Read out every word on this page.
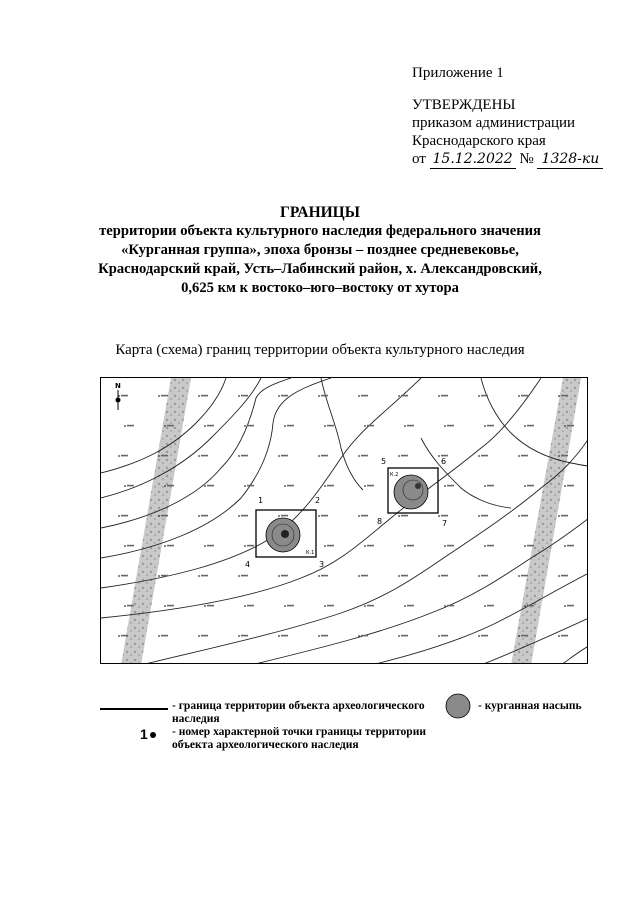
Приложение 1
УТВЕРЖДЕНЫ
приказом администрации
Краснодарского края
от 15.12.2022 № 1328-ки
ГРАНИЦЫ
территории объекта культурного наследия федерального значения
«Курганная группа», эпоха бронзы – позднее средневековье,
Краснодарский край, Усть–Лабинский район, х. Александровский,
0,625 км к востоко–юго–востоку от хутора
Карта (схема) границ территории объекта культурного наследия
N
К.1
К.2
1	2
3
4
5	6
7
8
- граница территории объекта археологического
наследия
- курганная насыпь
1	- номер характерной точки границы территории
объекта археологического наследия
